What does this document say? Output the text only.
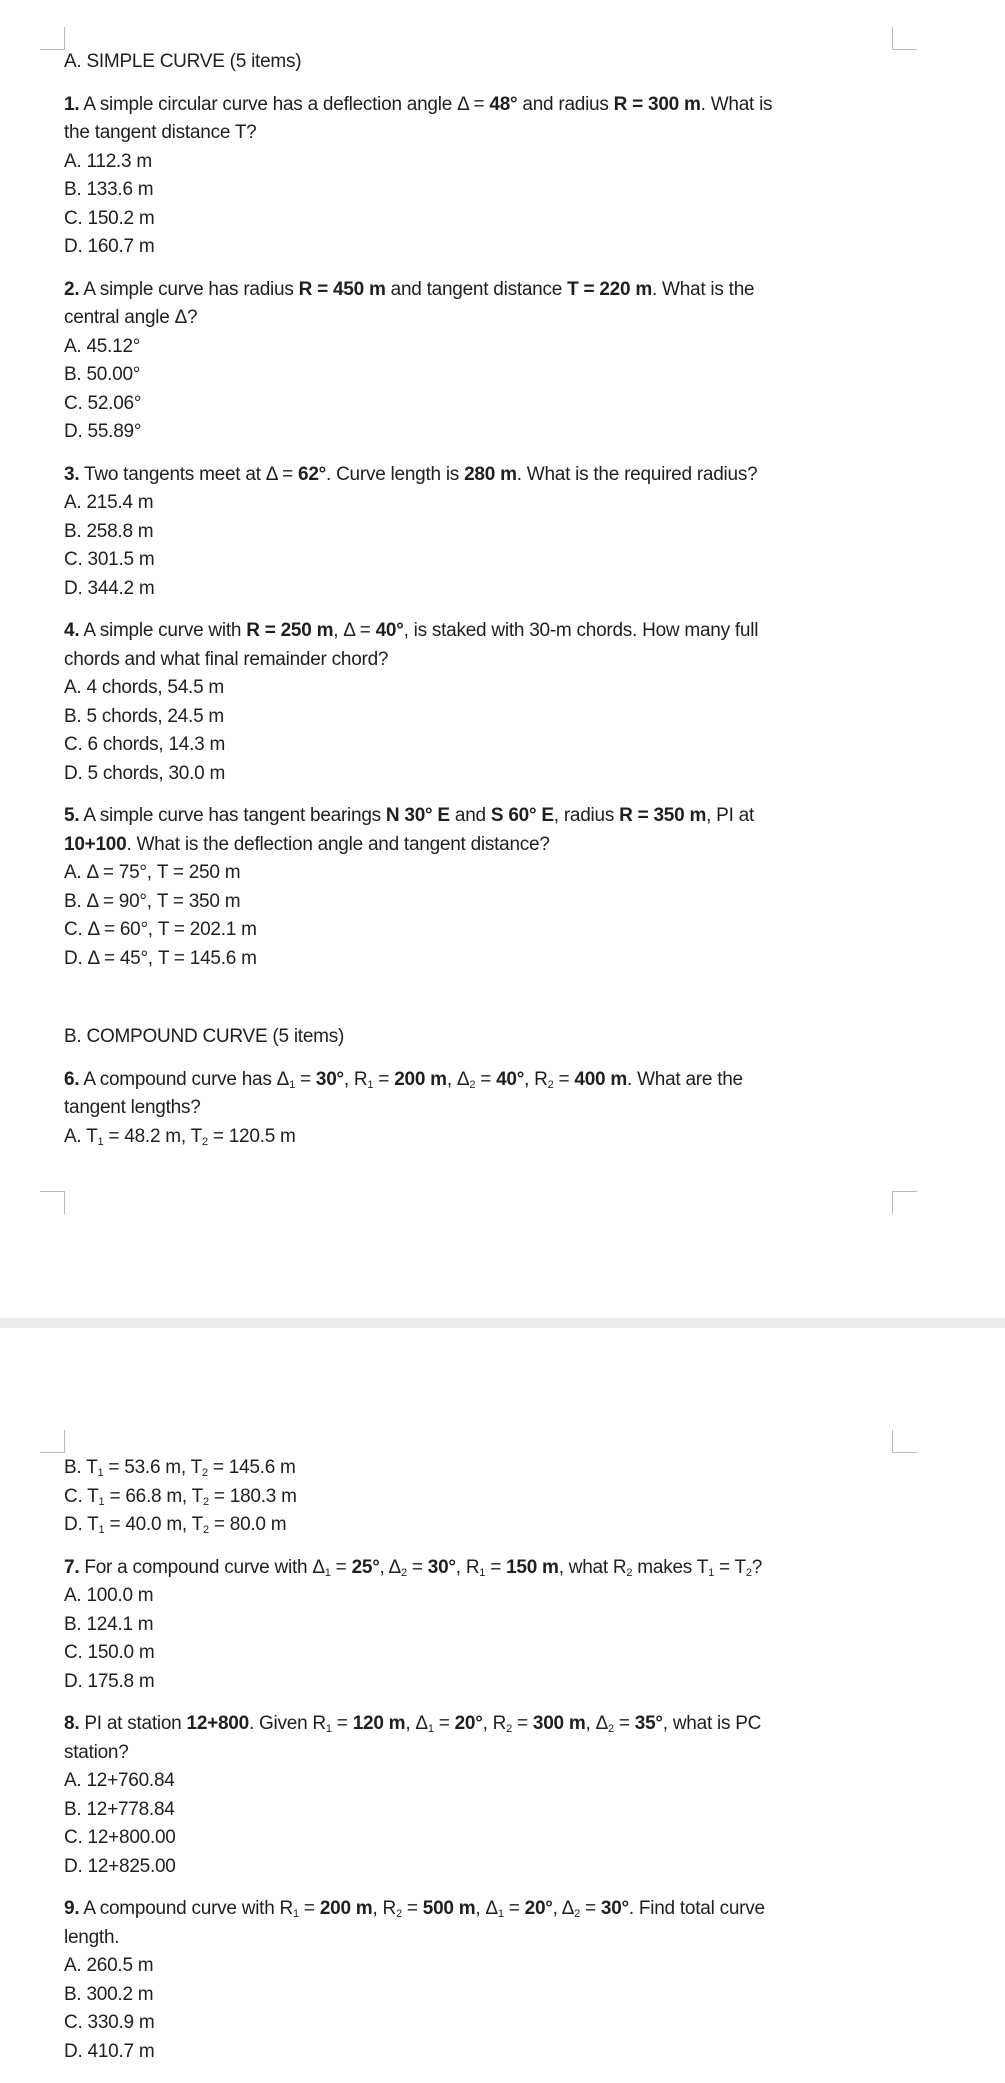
A. SIMPLE CURVE (5 items)
1. A simple circular curve has a deflection angle Δ = 48° and radius R = 300 m. What is
the tangent distance T?
A. 112.3 m
B. 133.6 m
C. 150.2 m
D. 160.7 m
2. A simple curve has radius R = 450 m and tangent distance T = 220 m. What is the
central angle Δ?
A. 45.12°
B. 50.00°
C. 52.06°
D. 55.89°
3. Two tangents meet at Δ = 62°. Curve length is 280 m. What is the required radius?
A. 215.4 m
B. 258.8 m
C. 301.5 m
D. 344.2 m
4. A simple curve with R = 250 m, Δ = 40°, is staked with 30-m chords. How many full
chords and what final remainder chord?
A. 4 chords, 54.5 m
B. 5 chords, 24.5 m
C. 6 chords, 14.3 m
D. 5 chords, 30.0 m
5. A simple curve has tangent bearings N 30° E and S 60° E, radius R = 350 m, PI at
10+100. What is the deflection angle and tangent distance?
A. Δ = 75°, T = 250 m
B. Δ = 90°, T = 350 m
C. Δ = 60°, T = 202.1 m
D. Δ = 45°, T = 145.6 m
B. COMPOUND CURVE (5 items)
6. A compound curve has $\Delta_1 = 30^\circ$, $R_1 = 200$ m, $\Delta_2 = 40^\circ$, $R_2 = 400$ m. What are the
tangent lengths?
A. $T_1 = 48.2$ m, $T_2 = 120.5$ m
B. $T_1 = 53.6$ m, $T_2 = 145.6$ m
C. $T_1 = 66.8$ m, $T_2 = 180.3$ m
D. $T_1 = 40.0$ m, $T_2 = 80.0$ m
7. For a compound curve with $\Delta_1 = 25^\circ$, $\Delta_2 = 30^\circ$, $R_1 = 150$ m, what $R_2$ makes $T_1 = T_2$?
A. 100.0 m
B. 124.1 m
C. 150.0 m
D. 175.8 m
8. PI at station 12+800. Given $R_1 = 120$ m, $\Delta_1 = 20^\circ$, $R_2 = 300$ m, $\Delta_2 = 35^\circ$, what is PC
station?
A. 12+760.84
B. 12+778.84
C. 12+800.00
D. 12+825.00
9. A compound curve with $R_1 = 200$ m, $R_2 = 500$ m, $\Delta_1 = 20^\circ$, $\Delta_2 = 30^\circ$. Find total curve
length.
A. 260.5 m
B. 300.2 m
C. 330.9 m
D. 410.7 m
